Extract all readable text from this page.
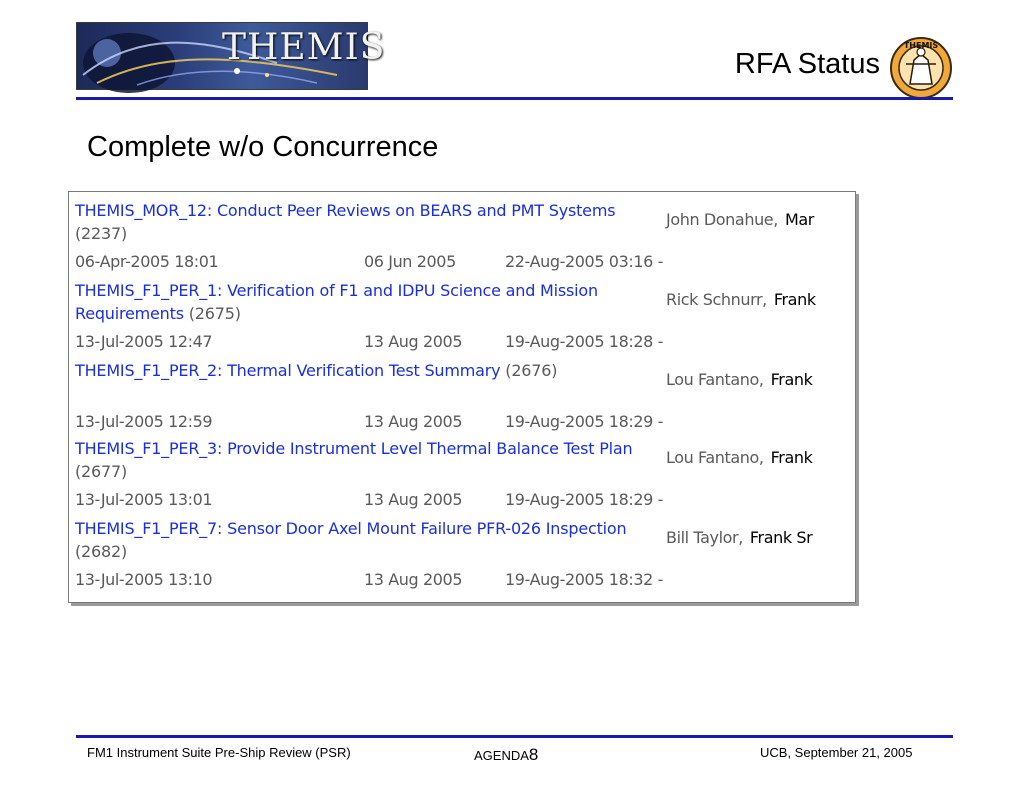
THEMIS	RFA Status
THEMIS
Complete w/o Concurrence
THEMIS_MOR_12: Conduct Peer Reviews on BEARS and PMT Systems (2237)
John Donahue, Mar
06-Apr-2005 18:01	06 Jun 2005	22-Aug-2005 03:16 -
THEMIS_F1_PER_1: Verification of F1 and IDPU Science and Mission Requirements (2675)
Rick Schnurr, Frank
13-Jul-2005 12:47	13 Aug 2005	19-Aug-2005 18:28 -
THEMIS_F1_PER_2: Thermal Verification Test Summary (2676)	Lou Fantano, Frank
13-Jul-2005 12:59	13 Aug 2005	19-Aug-2005 18:29 -
THEMIS_F1_PER_3: Provide Instrument Level Thermal Balance Test Plan (2677)
Lou Fantano, Frank
13-Jul-2005 13:01	13 Aug 2005	19-Aug-2005 18:29 -
THEMIS_F1_PER_7: Sensor Door Axel Mount Failure PFR-026 Inspection (2682)
Bill Taylor, Frank Sr
13-Jul-2005 13:10	13 Aug 2005	19-Aug-2005 18:32 -
FM1 Instrument Suite Pre-Ship Review (PSR)	AGENDA8	UCB, September 21, 2005
